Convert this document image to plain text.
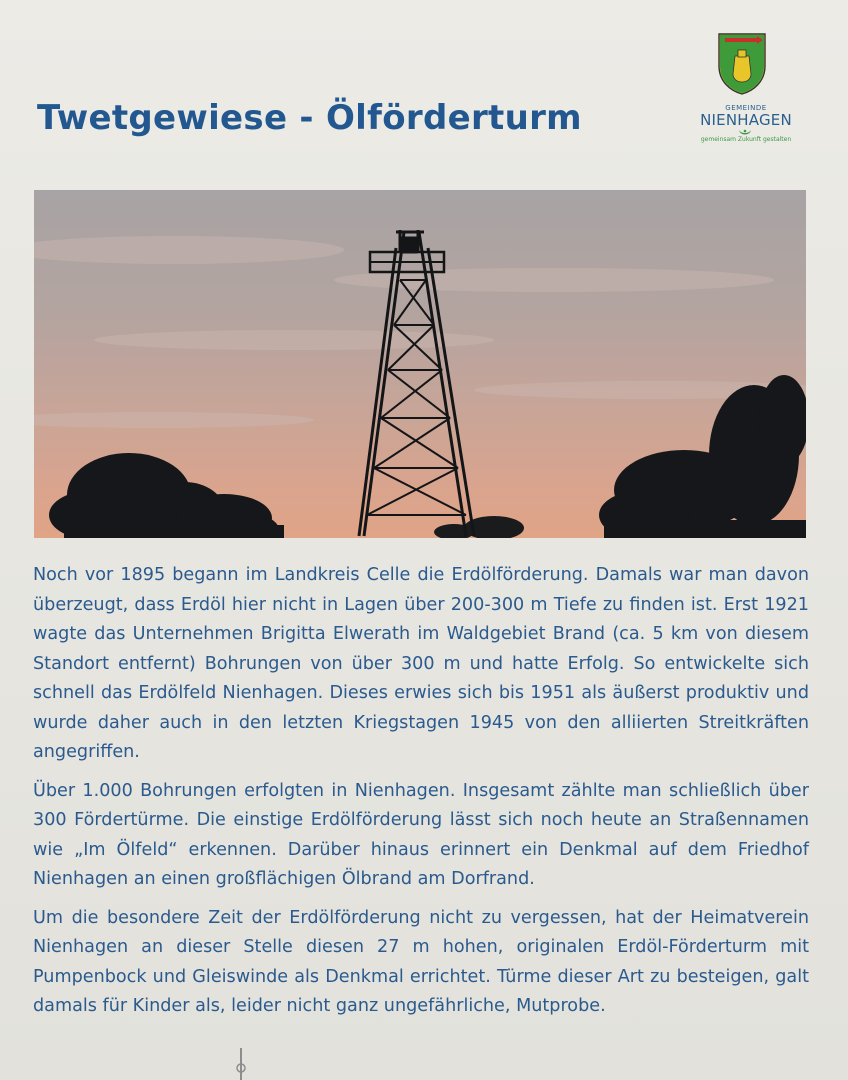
Twetgewiese - Ölförderturm	GEMEINDE
NIENHAGEN
gemeinsam Zukunft gestalten

Noch vor 1895 begann im Landkreis Celle die Erdölförderung. Damals war man davon überzeugt, dass Erdöl hier nicht in Lagen über 200-300 m Tiefe zu finden ist. Erst 1921 wagte das Unternehmen Brigitta Elwerath im Waldgebiet Brand (ca. 5 km von diesem Standort entfernt) Bohrungen von über 300 m und hatte Erfolg. So entwickelte sich schnell das Erdölfeld Nienhagen. Dieses erwies sich bis 1951 als äußerst produktiv und wurde daher auch in den letzten Kriegstagen 1945 von den alliierten Streitkräften angegriffen.

Über 1.000 Bohrungen erfolgten in Nienhagen. Insgesamt zählte man schließlich über 300 Fördertürme. Die einstige Erdölförderung lässt sich noch heute an Straßennamen wie „Im Ölfeld“ erkennen. Darüber hinaus erinnert ein Denkmal auf dem Friedhof Nienhagen an einen großflächigen Ölbrand am Dorfrand.

Um die besondere Zeit der Erdölförderung nicht zu vergessen, hat der Heimatverein Nienhagen an dieser Stelle diesen 27 m hohen, originalen Erdöl-Förderturm mit Pumpenbock und Gleiswinde als Denkmal errichtet. Türme dieser Art zu besteigen, galt damals für Kinder als, leider nicht ganz ungefährliche, Mutprobe.
